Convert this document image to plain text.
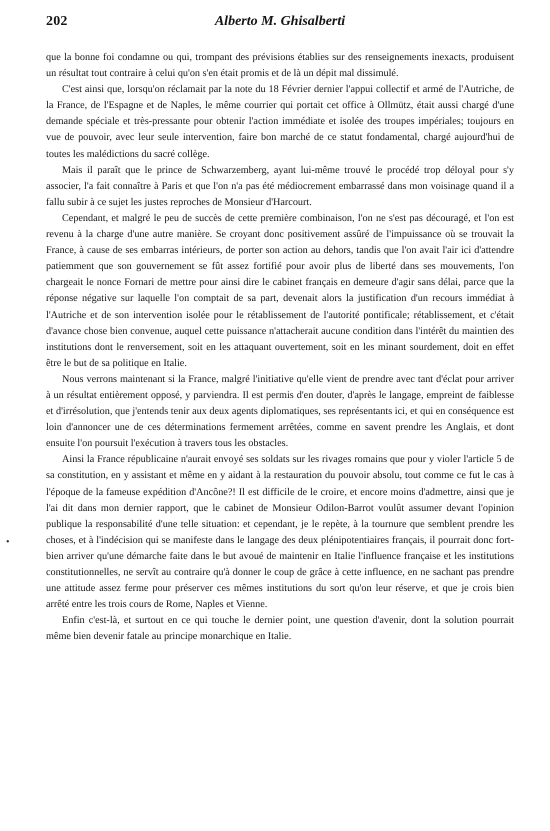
•
202	Alberto M. Ghisalberti

que la bonne foi condamne ou qui, trompant des prévisions établies sur des renseignements inexacts, produisent un résultat tout contraire à celui qu'on s'en était promis et de là un dépit mal dissimulé.

C'est ainsi que, lorsqu'on réclamait par la note du 18 Février dernier l'appui collectif et armé de l'Autriche, de la France, de l'Espagne et de Naples, le même courrier qui portait cet office à Ollmütz, était aussi chargé d'une demande spéciale et très-pressante pour obtenir l'action immédiate et isolée des troupes impériales; toujours en vue de pouvoir, avec leur seule intervention, faire bon marché de ce statut fondamental, chargé aujourd'hui de toutes les malédictions du sacré collège.

Mais il paraît que le prince de Schwarzemberg, ayant lui-même trouvé le procédé trop déloyal pour s'y associer, l'a fait connaître à Paris et que l'on n'a pas été médiocrement embarrassé dans mon voisinage quand il a fallu subir à ce sujet les justes reproches de Monsieur d'Harcourt.

Cependant, et malgré le peu de succès de cette première combinaison, l'on ne s'est pas découragé, et l'on est revenu à la charge d'une autre manière. Se croyant donc positivement assûré de l'impuissance où se trouvait la France, à cause de ses embarras intérieurs, de porter son action au dehors, tandis que l'on avait l'air ici d'attendre patiemment que son gouvernement se fût assez fortifié pour avoir plus de liberté dans ses mouvements, l'on chargeait le nonce Fornari de mettre pour ainsi dire le cabinet français en demeure d'agir sans délai, parce que la réponse négative sur laquelle l'on comptait de sa part, devenait alors la justification d'un recours immédiat à l'Autriche et de son intervention isolée pour le rétablissement de l'autorité pontificale; rétablissement, et c'était d'avance chose bien convenue, auquel cette puissance n'attacherait aucune condition dans l'intérêt du maintien des institutions dont le renversement, soit en les attaquant ouvertement, soit en les minant sourdement, doit en effet être le but de sa politique en Italie.

Nous verrons maintenant si la France, malgré l'initiative qu'elle vient de prendre avec tant d'éclat pour arriver à un résultat entièrement opposé, y parviendra. Il est permis d'en douter, d'après le langage, empreint de faiblesse et d'irrésolution, que j'entends tenir aux deux agents diplomatiques, ses représentants ici, et qui en conséquence est loin d'annoncer une de ces déterminations fermement arrêtées, comme en savent prendre les Anglais, et dont ensuite l'on poursuit l'exécution à travers tous les obstacles.

Ainsi la France républicaine n'aurait envoyé ses soldats sur les rivages romains que pour y violer l'article 5 de sa constitution, en y assistant et même en y aidant à la restauration du pouvoir absolu, tout comme ce fut le cas à l'époque de la fameuse expédition d'Ancône?! Il est difficile de le croire, et encore moins d'admettre, ainsi que je l'ai dit dans mon dernier rapport, que le cabinet de Monsieur Odilon-Barrot voulût assumer devant l'opinion publique la responsabilité d'une telle situation: et cependant, je le repète, à la tournure que semblent prendre les choses, et à l'indécision qui se manifeste dans le langage des deux plénipotentiaires français, il pourrait donc fort-bien arriver qu'une démarche faite dans le but avoué de maintenir en Italie l'influence française et les institutions constitutionnelles, ne servît au contraire qu'à donner le coup de grâce à cette influence, en ne sachant pas prendre une attitude assez ferme pour préserver ces mêmes institutions du sort qu'on leur réserve, et que je crois bien arrêté entre les trois cours de Rome, Naples et Vienne.

Enfin c'est-là, et surtout en ce qui touche le dernier point, une question d'avenir, dont la solution pourrait même bien devenir fatale au principe monarchique en Italie.
